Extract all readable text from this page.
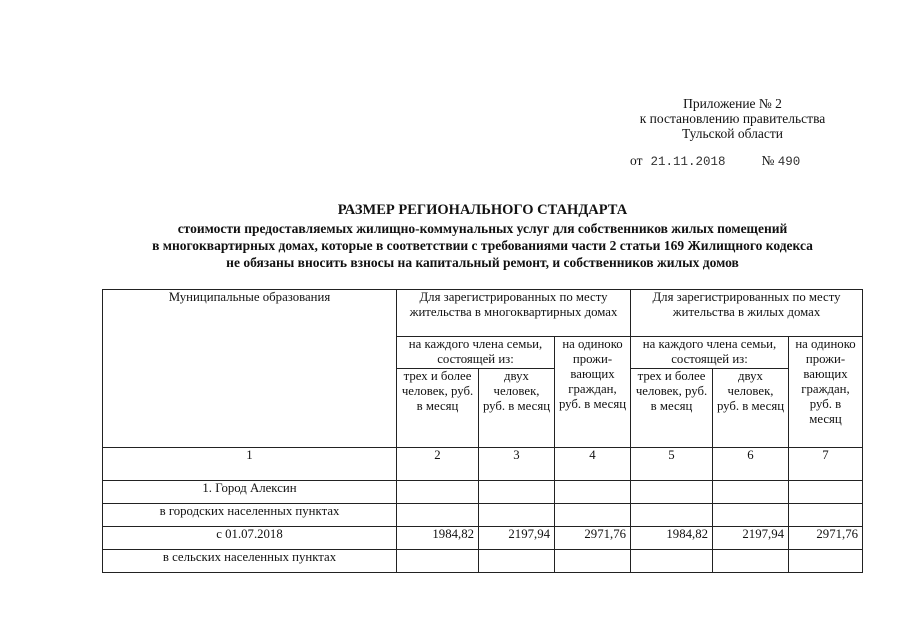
Приложение № 2
к постановлению правительства
Тульской области
от 21.11.2018	№ 490
РАЗМЕР РЕГИОНАЛЬНОГО СТАНДАРТА
стоимости предоставляемых жилищно-коммунальных услуг для собственников жилых помещений
в многоквартирных домах, которые в соответствии с требованиями части 2 статьи 169 Жилищного кодекса
не обязаны вносить взносы на капитальный ремонт, и собственников жилых домов
Муниципальные образования	Для зарегистрированных по месту жительства в многоквартирных домах			Для зарегистрированных по месту жительства в жилых домах		
	на каждого члена семьи, состоящей из:		на одиноко прожи-вающих граждан, руб. в месяц	на каждого члена семьи, состоящей из:		на одиноко прожи-вающих граждан, руб. в месяц
	трех и более человек, руб. в месяц	двух человек, руб. в месяц		трех и более человек, руб. в месяц	двух человек, руб. в месяц	
1	2	3	4	5	6	7
1. Город Алексин						
в городских населенных пунктах						
с 01.07.2018	1984,82	2197,94	2971,76	1984,82	2197,94	2971,76
в сельских населенных пунктах						
